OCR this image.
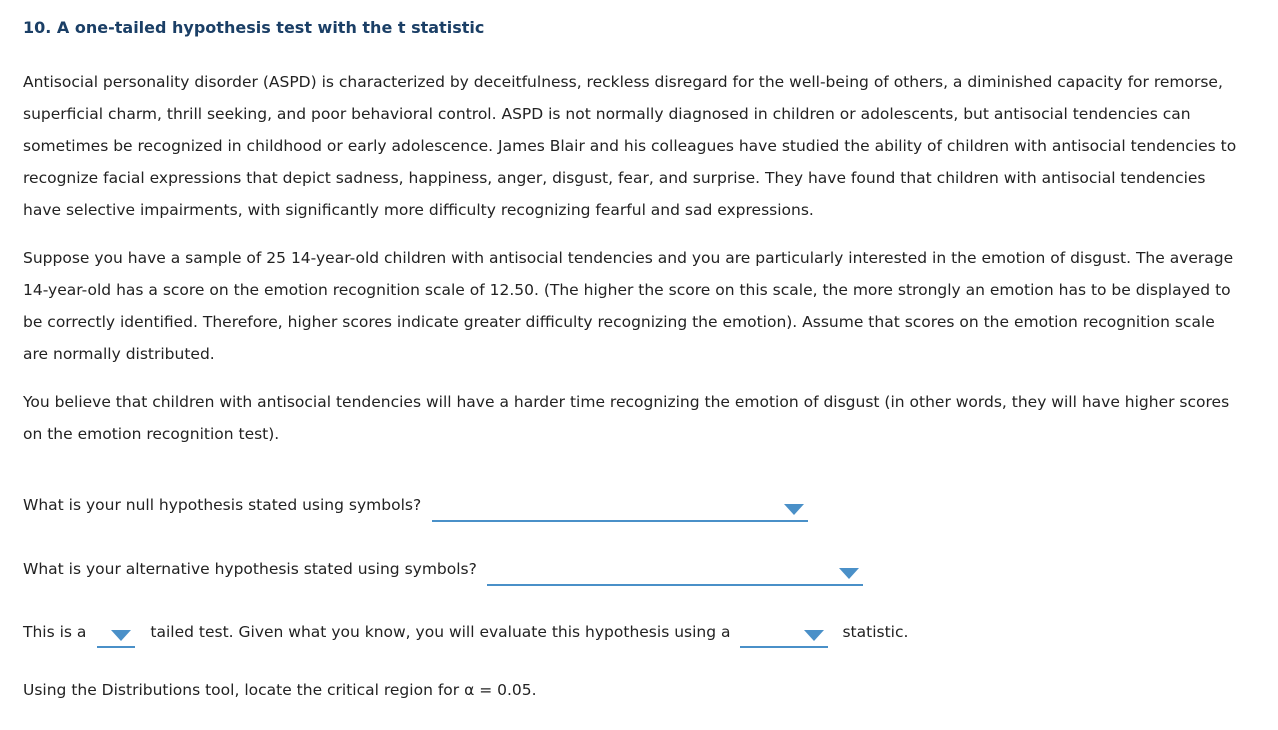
10. A one-tailed hypothesis test with the t statistic

Antisocial personality disorder (ASPD) is characterized by deceitfulness, reckless disregard for the well-being of others, a diminished capacity for remorse, superficial charm, thrill seeking, and poor behavioral control. ASPD is not normally diagnosed in children or adolescents, but antisocial tendencies can sometimes be recognized in childhood or early adolescence. James Blair and his colleagues have studied the ability of children with antisocial tendencies to recognize facial expressions that depict sadness, happiness, anger, disgust, fear, and surprise. They have found that children with antisocial tendencies have selective impairments, with significantly more difficulty recognizing fearful and sad expressions.

Suppose you have a sample of 25 14-year-old children with antisocial tendencies and you are particularly interested in the emotion of disgust. The average 14-year-old has a score on the emotion recognition scale of 12.50. (The higher the score on this scale, the more strongly an emotion has to be displayed to be correctly identified. Therefore, higher scores indicate greater difficulty recognizing the emotion). Assume that scores on the emotion recognition scale are normally distributed.

You believe that children with antisocial tendencies will have a harder time recognizing the emotion of disgust (in other words, they will have higher scores on the emotion recognition test).

What is your null hypothesis stated using symbols?
What is your alternative hypothesis stated using symbols?
This is a	tailed test. Given what you know, you will evaluate this hypothesis using a	statistic.
Using the Distributions tool, locate the critical region for
α
= 0.05.
